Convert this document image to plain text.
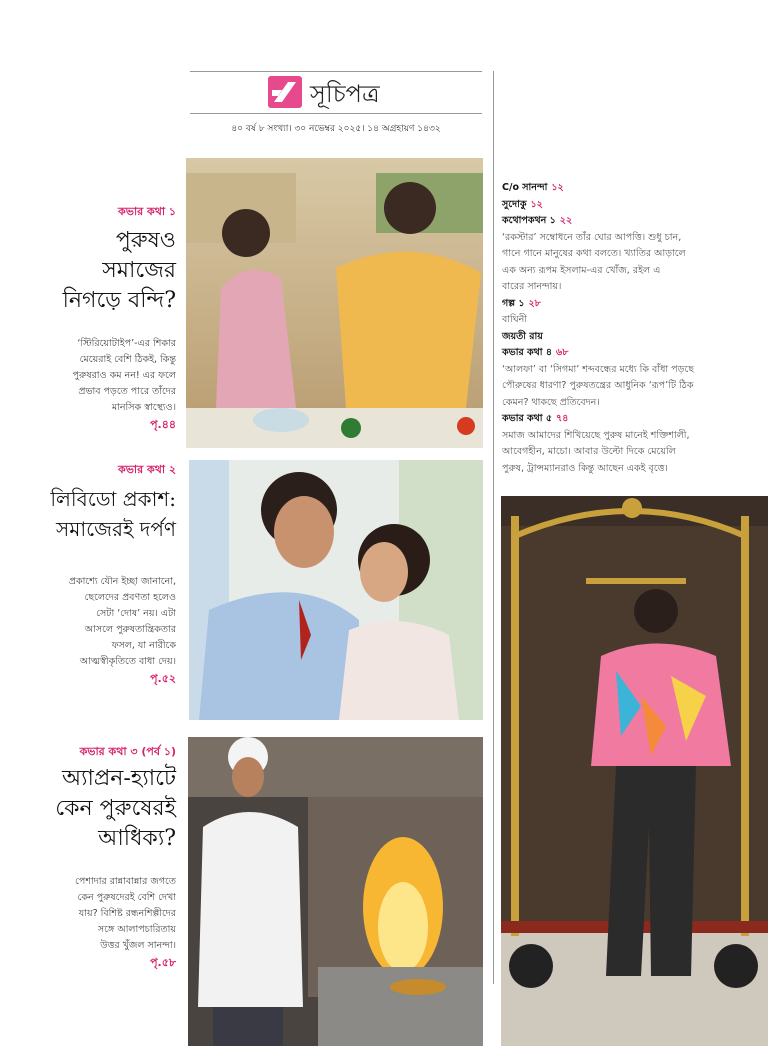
সূচিপত্র
৪০ বর্ষ ৮ সংখ্যা। ৩০ নভেম্বর ২০২৫। ১৪ অগ্রহায়ণ ১৪৩২
কভার কথা ১
পুরুষও
সমাজের
নিগড়ে বন্দি?
‘স্টিরিয়োটাইপ’-এর শিকার
মেয়েরাই বেশি ঠিকই, কিন্তু
পুরুষরাও কম নন! এর ফলে
প্রভাব পড়তে পারে তাঁদের
মানসিক স্বাস্থ্যেও।
পৃ.৪৪
কভার কথা ২
লিবিডো প্রকাশ:
সমাজেরই দর্পণ
প্রকাশ্যে যৌন ইচ্ছা জানানো,
ছেলেদের প্রবণতা হলেও
সেটা ‘দোষ’ নয়। এটা
আসলে পুরুষতান্ত্রিকতার
ফসল, যা নারীকে
আত্মস্বীকৃতিতে বাধা দেয়।
পৃ.৫২
কভার কথা ৩ (পর্ব ১)
অ্যাপ্রন-হ্যাটে
কেন পুরুষেরই
আধিক্য?
পেশাদার রান্নাবান্নার জগতে
কেন পুরুষদেরই বেশি দেখা
যায়? বিশিষ্ট রন্ধনশিল্পীদের
সঙ্গে আলাপচারিতায়
উত্তর খুঁজল সানন্দা।
পৃ.৫৮
C/o সানন্দা ১২
সুদোকু ১২
কথোপকথন ১ ২২
‘রকস্টার’ সম্বোধনে তাঁর ঘোর আপত্তি। শুধু চান,
গানে গানে মানুষের কথা বলতে। খ্যাতির আড়ালে
এক অন্য রূপম ইসলাম-এর খোঁজ, রইল এ
বারের সানন্দায়।
গল্প ১ ২৮
বাঘিনী
জয়তী রায়
কভার কথা ৪ ৬৮
‘আলফা’ বা ‘সিগমা’ শব্দবন্ধের মধ্যে কি বাঁধা পড়ছে
পৌরুষের ধারণা? পুরুষতন্ত্রের আধুনিক ‘রূপ’টি ঠিক
কেমন? থাকছে প্রতিবেদন।
কভার কথা ৫ ৭৪
সমাজ আমাদের শিখিয়েছে পুরুষ মানেই শক্তিশালী,
আবেগহীন, মাচো। আবার উল্টো দিকে মেয়েলি
পুরুষ, ট্রান্সম্যানরাও কিন্তু আছেন একই বৃত্তে।
